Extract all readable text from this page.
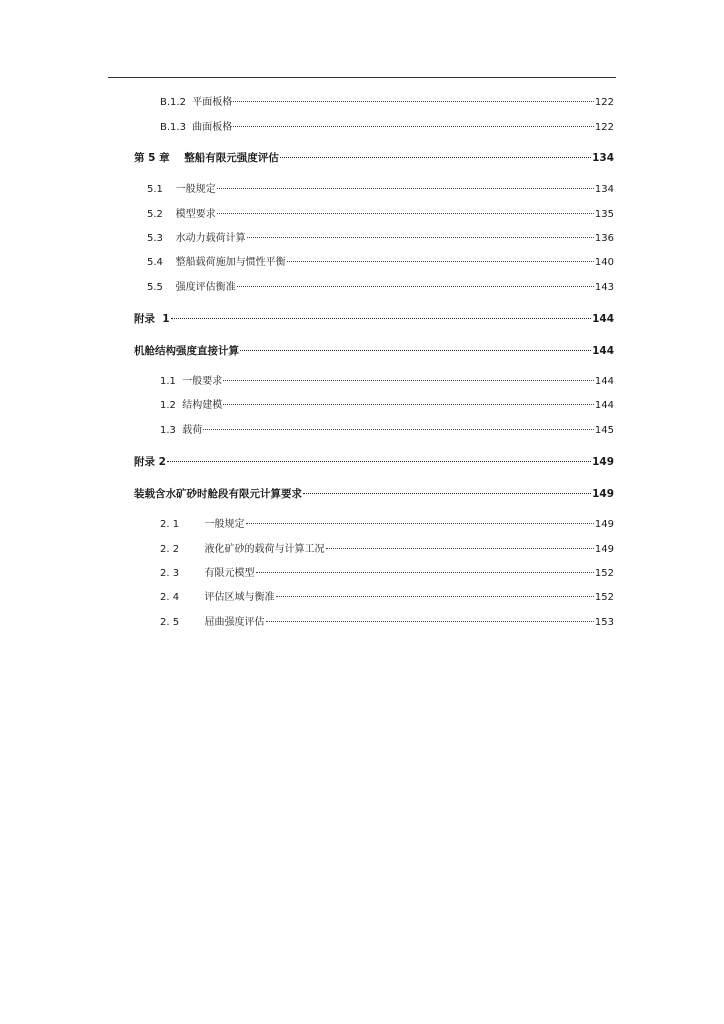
B.1.2  平面板格	122
B.1.3  曲面板格	122
第 5 章    整船有限元强度评估	134
5.1    一般规定	134
5.2    模型要求	135
5.3    水动力载荷计算	136
5.4    整船载荷施加与惯性平衡	140
5.5    强度评估衡准	143
附录  1	144
机舱结构强度直接计算	144
1.1  一般要求	144
1.2  结构建模	144
1.3  载荷	145
附录 2	149
装载含水矿砂时舱段有限元计算要求	149
2. 1        一般规定	149
2. 2        液化矿砂的载荷与计算工况	149
2. 3        有限元模型	152
2. 4        评估区域与衡准	152
2. 5        屈曲强度评估	153
